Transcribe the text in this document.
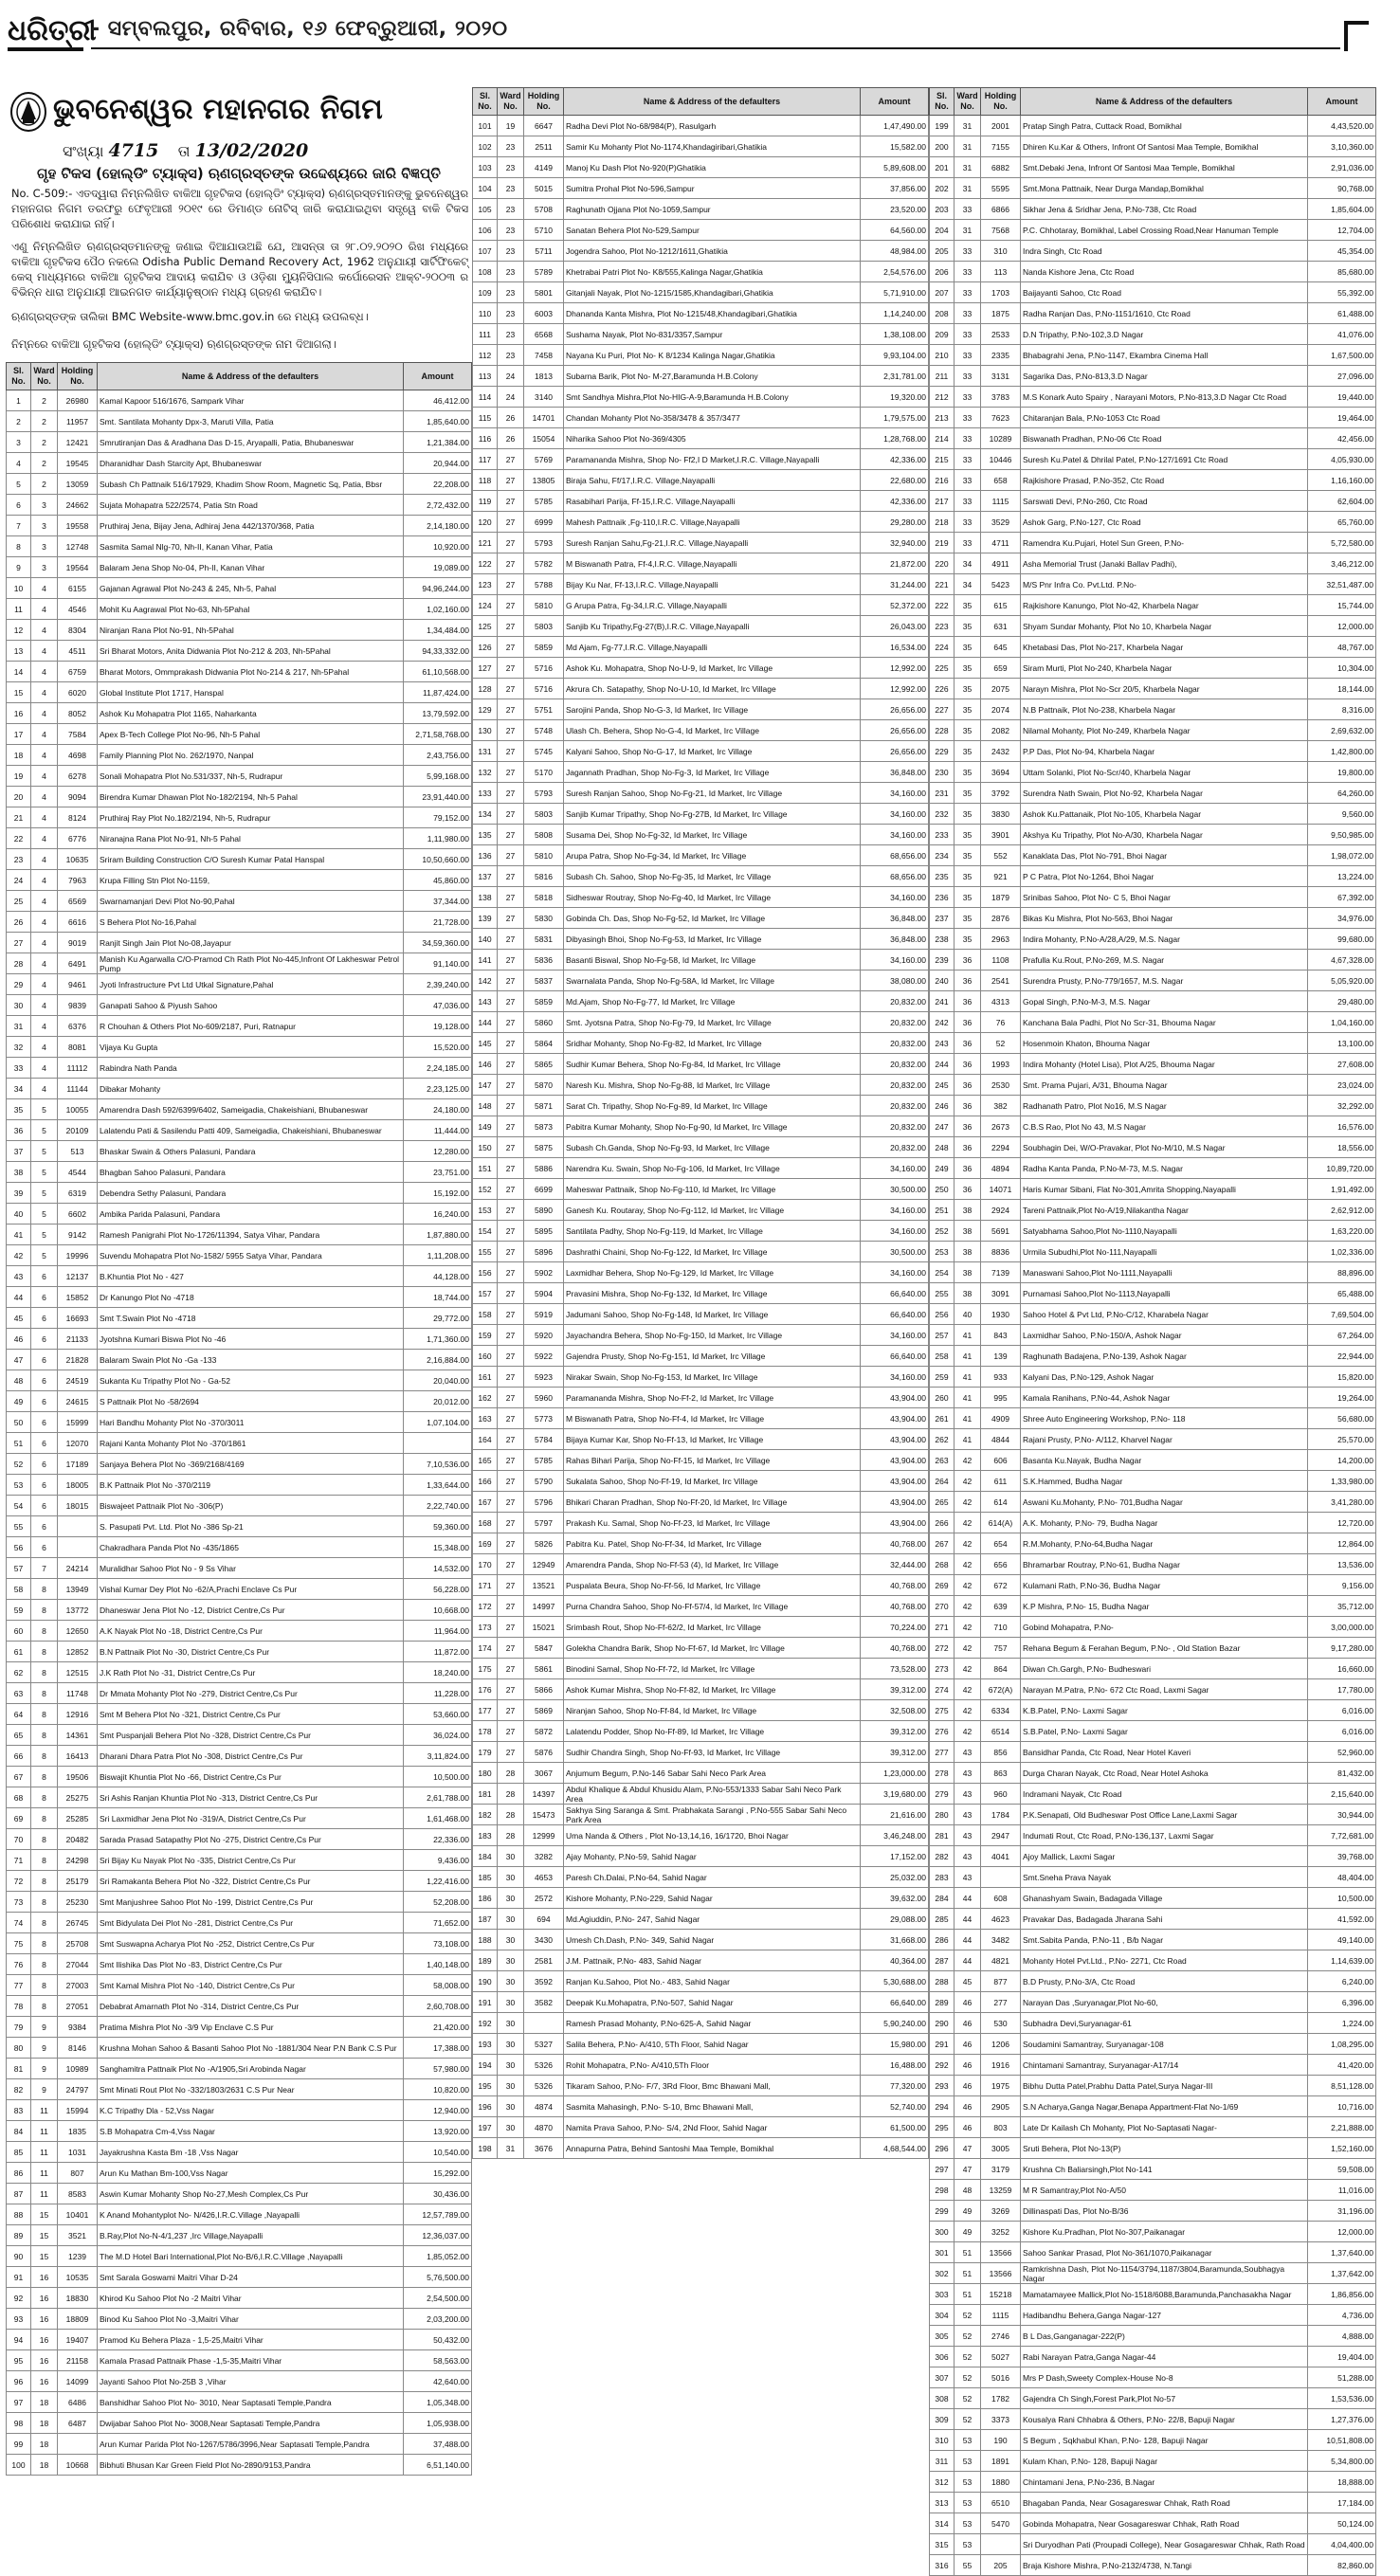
ଧରିତ୍ରୀ
- ସମ୍ବଲପୁର, ରବିବାର, ୧୬ ଫେବ୍ରୁଆରୀ, ୨୦୨୦
ଭୁବନେଶ୍ୱର ମହାନଗର ନିଗମ
ସଂଖ୍ୟା 4715 ତା 13/02/2020
ଗୃହ ଟିକସ (ହୋଲ୍ଡିଂ ଟ୍ୟାକ୍ସ) ଋଣଗ୍ରସ୍ତଙ୍କ ଉଦ୍ଦେଶ୍ୟରେ ଜାରି ବିଜ୍ଞପ୍ତି
No. C-509:- ଏତଦ୍ୱାରା ନିମ୍ନଲିଖିତ ବାକିଆ ଗୃହଟିକସ (ହୋଲ୍ଡିଂ ଟ୍ୟାକ୍ସ) ଋଣଗ୍ରସ୍ତମାନଙ୍କୁ ଭୁବନେଶ୍ୱର ମହାନଗର ନିଗମ ତରଫରୁ ଫେବୃଆରୀ ୨୦୧୯ ରେ ଡିମାଣ୍ଡ ନୋଟିସ୍ ଜାରି କରାଯାଇଥିବା ସତ୍ତ୍ୱେ ବାକି ଟିକସ ପରିଶୋଧ କରାଯାଇ ନାହିଁ।
ଏଣୁ ନିମ୍ନଲିଖିତ ଋଣଗ୍ରସ୍ତମାନଙ୍କୁ ଜଣାଇ ଦିଆଯାଉଅଛି ଯେ, ଆସନ୍ତା ତା ୨୮.୦୨.୨୦୨୦ ରିଖ ମଧ୍ୟରେ ବାକିଆ ଗୃହଟିକସ ପୈଠ ନକଲେ Odisha Public Demand Recovery Act, 1962 ଅନୁଯାୟୀ ସାର୍ଟିଫିକେଟ୍ କେସ୍ ମାଧ୍ୟମରେ ବାକିଆ ଗୃହଟିକସ ଆଦାୟ କରାଯିବ ଓ ଓଡ଼ିଶା ମ୍ୟୁନିସିପାଲ କର୍ପୋରେସନ ଆକ୍ଟ-୨୦୦୩ ର ବିଭିନ୍ନ ଧାରା ଅନୁଯାୟୀ ଆଇନଗତ କାର୍ଯ୍ୟାନୁଷ୍ଠାନ ମଧ୍ୟ ଗ୍ରହଣ କରାଯିବ।
ଋଣଗ୍ରସ୍ତଙ୍କ ତାଲିକା BMC Website-www.bmc.gov.in ରେ ମଧ୍ୟ ଉପଲବ୍ଧ।
ନିମ୍ନରେ ବାକିଆ ଗୃହଟିକସ (ହୋଲ୍ଡିଂ ଟ୍ୟାକ୍ସ) ଋଣଗ୍ରସ୍ତଙ୍କ ନାମ ଦିଆଗଲା।
Sl. No.	Ward No.	Holding No.	Name & Address of the defaulters	Amount
1	2	26980	Kamal Kapoor 516/1676, Sampark Vihar	46,412.00
2	2	11957	Smt. Santilata Mohanty Dpx-3, Maruti Villa, Patia	1,85,640.00
3	2	12421	Smrutiranjan Das & Aradhana Das D-15, Aryapalli, Patia, Bhubaneswar	1,21,384.00
4	2	19545	Dharanidhar Dash Starcity Apt, Bhubaneswar	20,944.00
5	2	13059	Subash Ch Pattnaik 516/17929, Khadim Show Room, Magnetic Sq, Patia, Bbsr	22,208.00
6	3	24662	Sujata Mohapatra 522/2574, Patia Stn Road	2,72,432.00
7	3	19558	Pruthiraj Jena, Bijay Jena, Adhiraj Jena 442/1370/368, Patia	2,14,180.00
8	3	12748	Sasmita Samal Nlg-70, Nh-II, Kanan Vihar, Patia	10,920.00
9	3	19564	Balaram Jena Shop No-04, Ph-II, Kanan Vihar	19,089.00
10	4	6155	Gajanan Agrawal Plot No-243 & 245, Nh-5, Pahal	94,96,244.00
11	4	4546	Mohit Ku Aagrawal Plot No-63, Nh-5Pahal	1,02,160.00
12	4	8304	Niranjan Rana Plot No-91, Nh-5Pahal	1,34,484.00
13	4	4511	Sri Bharat Motors, Anita Didwania Plot No-212 & 203, Nh-5Pahal	94,33,332.00
14	4	6759	Bharat Motors, Ommprakash Didwania Plot No-214 & 217, Nh-5Pahal	61,10,568.00
15	4	6020	Global Institute Plot 1717, Hanspal	11,87,424.00
16	4	8052	Ashok Ku Mohapatra Plot 1165, Naharkanta	13,79,592.00
17	4	7584	Apex B-Tech College Plot No-96, Nh-5 Pahal	2,71,58,768.00
18	4	4698	Family Planning Plot No. 262/1970, Nanpal	2,43,756.00
19	4	6278	Sonali Mohapatra Plot No.531/337, Nh-5, Rudrapur	5,99,168.00
20	4	9094	Birendra Kumar Dhawan Plot No-182/2194, Nh-5 Pahal	23,91,440.00
21	4	8124	Pruthiraj Ray Plot No.182/2194, Nh-5, Rudrapur	79,152.00
22	4	6776	Niranajna Rana Plot No-91, Nh-5 Pahal	1,11,980.00
23	4	10635	Sriram Building Construction C/O Suresh Kumar Patal Hanspal	10,50,660.00
24	4	7963	Krupa Filling Stn Plot No-1159,	45,860.00
25	4	6569	Swarnamanjari Devi Plot No-90,Pahal	37,344.00
26	4	6616	S Behera Plot No-16,Pahal	21,728.00
27	4	9019	Ranjit Singh Jain Plot No-08,Jayapur	34,59,360.00
28	4	6491	Manish Ku Agarwalla C/O-Pramod Ch Rath Plot No-445,Infront Of Lakheswar Petrol Pump	91,140.00
29	4	9461	Jyoti Infrastructure Pvt Ltd Utkal Signature,Pahal	2,39,240.00
30	4	9839	Ganapati Sahoo & Piyush Sahoo	47,036.00
31	4	6376	R Chouhan & Others Plot No-609/2187, Puri, Ratnapur	19,128.00
32	4	8081	Vijaya Ku Gupta	15,520.00
33	4	11112	Rabindra Nath Panda	2,24,185.00
34	4	11144	Dibakar Mohanty	2,23,125.00
35	5	10055	Amarendra Dash 592/6399/6402, Sameigadia, Chakeishiani, Bhubaneswar	24,180.00
36	5	20109	Lalatendu Pati & Sasilendu Patti 409, Sameigadia, Chakeishiani, Bhubaneswar	11,444.00
37	5	513	Bhaskar Swain & Others Palasuni, Pandara	12,280.00
38	5	4544	Bhagban Sahoo Palasuni, Pandara	23,751.00
39	5	6319	Debendra Sethy Palasuni, Pandara	15,192.00
40	5	6602	Ambika Parida Palasuni, Pandara	16,240.00
41	5	9142	Ramesh Panigrahi Plot No-1726/11394, Satya Vihar, Pandara	1,87,880.00
42	5	19996	Suvendu Mohapatra Plot No-1582/ 5955 Satya Vihar, Pandara	1,11,208.00
43	6	12137	B.Khuntia Plot No - 427	44,128.00
44	6	15852	Dr Kanungo Plot No -4718	18,744.00
45	6	16693	Smt T.Swain Plot No -4718	29,772.00
46	6	21133	Jyotshna Kumari Biswa Plot No -46	1,71,360.00
47	6	21828	Balaram Swain Plot No -Ga -133	2,16,884.00
48	6	24519	Sukanta Ku Tripathy Plot No - Ga-52	20,040.00
49	6	24615	S Pattnaik Plot No -58/2694	20,012.00
50	6	15999	Hari Bandhu Mohanty Plot No -370/3011	1,07,104.00
51	6	12070	Rajani Kanta Mohanty Plot No -370/1861	
52	6	17189	Sanjaya Behera Plot No -369/2168/4169	7,10,536.00
53	6	18005	B.K Pattnaik Plot No -370/2119	1,33,644.00
54	6	18015	Biswajeet Pattnaik Plot No -306(P)	2,22,740.00
55	6		S. Pasupati Pvt. Ltd. Plot No -386 Sp-21	59,360.00
56	6		Chakradhara Panda Plot No -435/1865	15,348.00
57	7	24214	Muralidhar Sahoo Plot No - 9 Ss Vihar	14,532.00
58	8	13949	Vishal Kumar Dey Plot No -62/A,Prachi Enclave Cs Pur	56,228.00
59	8	13772	Dhaneswar Jena Plot No -12, District Centre,Cs Pur	10,668.00
60	8	12650	A.K Nayak Plot No -18, District Centre,Cs Pur	11,964.00
61	8	12852	B.N Pattnaik Plot No -30, District Centre,Cs Pur	11,872.00
62	8	12515	J.K Rath Plot No -31, District Centre,Cs Pur	18,240.00
63	8	11748	Dr Mmata Mohanty Plot No -279, District Centre,Cs Pur	11,228.00
64	8	12916	Smt M Behera Plot No -321, District Centre,Cs Pur	53,660.00
65	8	14361	Smt Puspanjali Behera Plot No -328, District Centre,Cs Pur	36,024.00
66	8	16413	Dharani Dhara Patra Plot No -308, District Centre,Cs Pur	3,11,824.00
67	8	19506	Biswajit Khuntia Plot No -66, District Centre,Cs Pur	10,500.00
68	8	25275	Sri Ashis Ranjan Khuntia Plot No -313, District Centre,Cs Pur	2,61,788.00
69	8	25285	Sri Laxmidhar Jena Plot No -319/A, District Centre,Cs Pur	1,61,468.00
70	8	20482	Sarada Prasad Satapathy Plot No -275, District Centre,Cs Pur	22,336.00
71	8	24298	Sri Bijay Ku Nayak Plot No -335, District Centre,Cs Pur	9,436.00
72	8	25179	Sri Ramakanta Behera Plot No -322, District Centre,Cs Pur	1,22,416.00
73	8	25230	Smt Manjushree Sahoo Plot No -199, District Centre,Cs Pur	52,208.00
74	8	26745	Smt Bidyulata Dei Plot No -281, District Centre,Cs Pur	71,652.00
75	8	25708	Smt Suswapna Acharya Plot No -252, District Centre,Cs Pur	73,108.00
76	8	27044	Smt Ilishika Das Plot No -83, District Centre,Cs Pur	1,40,148.00
77	8	27003	Smt Kamal Mishra Plot No -140, District Centre,Cs Pur	58,008.00
78	8	27051	Debabrat Amarnath Plot No -314, District Centre,Cs Pur	2,60,708.00
79	9	9384	Pratima Mishra Plot No -3/9 Vip Enclave C.S Pur	21,420.00
80	9	8146	Krushna Mohan Sahoo & Basanti Sahoo Plot No -1881/304 Near P.N Bank C.S Pur	17,388.00
81	9	10989	Sanghamitra Pattnaik Plot No -A/1905,Sri Arobinda Nagar	57,980.00
82	9	24797	Smt Minati Rout Plot No -332/1803/2631 C.S Pur Near	10,820.00
83	11	15994	K.C Tripathy Dla - 52,Vss Nagar	12,940.00
84	11	1835	S.B Mohapatra Cm-4,Vss Nagar	13,920.00
85	11	1031	Jayakrushna Kasta Bm -18 ,Vss Nagar	10,540.00
86	11	807	Arun Ku Mathan Bm-100,Vss Nagar	15,292.00
87	11	8583	Aswin Kumar Mohanty Shop No-27,Mesh Complex,Cs Pur	30,436.00
88	15	10401	K Anand Mohantyplot No- N/426,I.R.C.Village ,Nayapalli	12,57,789.00
89	15	3521	B.Ray,Plot No-N-4/1,237 ,Irc Village,Nayapalli	12,36,037.00
90	15	1239	The M.D Hotel Bari International,Plot No-B/6,I.R.C.Village ,Nayapalli	1,85,052.00
91	16	10535	Smt Sarala Goswami Maitri Vihar D-24	5,76,500.00
92	16	18830	Khirod Ku Sahoo Plot No -2 Maitri Vihar	2,54,500.00
93	16	18809	Binod Ku Sahoo Plot No -3,Maitri Vihar	2,03,200.00
94	16	19407	Pramod Ku Behera Plaza - 1,5-25,Maitri Vihar	50,432.00
95	16	21158	Kamala Prasad Pattnaik Phase -1,5-35,Maitri Vihar	58,563.00
96	16	14099	Jayanti Sahoo Plot No-25B 3 ,Vihar	42,640.00
97	18	6486	Banshidhar Sahoo Plot No- 3010, Near Saptasati Temple,Pandra	1,05,348.00
98	18	6487	Dwijabar Sahoo Plot No- 3008,Near Saptasati Temple,Pandra	1,05,938.00
99	18		Arun Kumar Parida Plot No-1267/5786/3996,Near Saptasati Temple,Pandra	37,488.00
100	18	10668	Bibhuti Bhusan Kar Green Field Plot No-2890/9153,Pandra	6,51,140.00
Sl. No.	Ward No.	Holding No.	Name & Address of the defaulters	Amount
101	19	6647	Radha Devi Plot No-68/984(P), Rasulgarh	1,47,490.00
102	23	2511	Samir Ku Mohanty Plot No-1174,Khandagiribari,Ghatikia	15,582.00
103	23	4149	Manoj Ku Dash Plot No-920(P)Ghatikia	5,89,608.00
104	23	5015	Sumitra Prohal Plot No-596,Sampur	37,856.00
105	23	5708	Raghunath Ojjana Plot No-1059,Sampur	23,520.00
106	23	5710	Sanatan Behera Plot No-529,Sampur	64,560.00
107	23	5711	Jogendra Sahoo, Plot No-1212/1611,Ghatikia	48,984.00
108	23	5789	Khetrabai Patri Plot No- K8/555,Kalinga Nagar,Ghatikia	2,54,576.00
109	23	5801	Gitanjali Nayak, Plot No-1215/1585,Khandagibari,Ghatikia	5,71,910.00
110	23	6003	Dhananda Kanta Mishra, Plot No-1215/48,Khandagibari,Ghatikia	1,14,240.00
111	23	6568	Sushama Nayak, Plot No-831/3357,Sampur	1,38,108.00
112	23	7458	Nayana Ku Puri, Plot No- K 8/1234 Kalinga Nagar,Ghatikia	9,93,104.00
113	24	1813	Subarna Barik, Plot No- M-27,Baramunda H.B.Colony	2,31,781.00
114	24	3140	Smt Sandhya Mishra,Plot No-HIG-A-9,Baramunda H.B.Colony	19,320.00
115	26	14701	Chandan Mohanty Plot No-358/3478 & 357/3477	1,79,575.00
116	26	15054	Niharika Sahoo Plot No-369/4305	1,28,768.00
117	27	5769	Paramananda Mishra, Shop No- Ff2,I D Market,I.R.C. Village,Nayapalli	42,336.00
118	27	13805	Biraja Sahu, Ff/17,I.R.C. Village,Nayapalli	22,680.00
119	27	5785	Rasabihari Parija, Ff-15,I.R.C. Village,Nayapalli	42,336.00
120	27	6999	Mahesh Pattnaik ,Fg-110,I.R.C. Village,Nayapalli	29,280.00
121	27	5793	Suresh Ranjan Sahu,Fg-21,I.R.C. Village,Nayapalli	32,940.00
122	27	5782	M Biswanath Patra, Ff-4,I.R.C. Village,Nayapalli	21,872.00
123	27	5788	Bijay Ku Nar, Ff-13,I.R.C. Village,Nayapalli	31,244.00
124	27	5810	G Arupa Patra, Fg-34,I.R.C. Village,Nayapalli	52,372.00
125	27	5803	Sanjib Ku Tripathy,Fg-27(B),I.R.C. Village,Nayapalli	26,043.00
126	27	5859	Md Ajam, Fg-77,I.R.C. Village,Nayapalli	16,534.00
127	27	5716	Ashok Ku. Mohapatra, Shop No-U-9, Id Market, Irc Village	12,992.00
128	27	5716	Akrura Ch. Satapathy, Shop No-U-10, Id Market, Irc Village	12,992.00
129	27	5751	Sarojini Panda, Shop No-G-3, Id Market, Irc Village	26,656.00
130	27	5748	Ulash Ch. Behera, Shop No-G-4, Id Market, Irc Village	26,656.00
131	27	5745	Kalyani Sahoo, Shop No-G-17, Id Market, Irc Village	26,656.00
132	27	5170	Jagannath Pradhan, Shop No-Fg-3, Id Market, Irc Village	36,848.00
133	27	5793	Suresh Ranjan Sahoo, Shop No-Fg-21, Id Market, Irc Village	34,160.00
134	27	5803	Sanjib Kumar Tripathy, Shop No-Fg-27B, Id Market, Irc Village	34,160.00
135	27	5808	Susama Dei, Shop No-Fg-32, Id Market, Irc Village	34,160.00
136	27	5810	Arupa Patra, Shop No-Fg-34, Id Market, Irc Village	68,656.00
137	27	5816	Subash Ch. Sahoo, Shop No-Fg-35, Id Market, Irc Village	68,656.00
138	27	5818	Sidheswar Routray, Shop No-Fg-40, Id Market, Irc Village	34,160.00
139	27	5830	Gobinda Ch. Das, Shop No-Fg-52, Id Market, Irc Village	36,848.00
140	27	5831	Dibyasingh Bhoi, Shop No-Fg-53, Id Market, Irc Village	36,848.00
141	27	5836	Basanti Biswal, Shop No-Fg-58, Id Market, Irc Village	34,160.00
142	27	5837	Swarnalata Panda, Shop No-Fg-58A, Id Market, Irc Village	38,080.00
143	27	5859	Md.Ajam, Shop No-Fg-77, Id Market, Irc Village	20,832.00
144	27	5860	Smt. Jyotsna Patra, Shop No-Fg-79, Id Market, Irc Village	20,832.00
145	27	5864	Sridhar Mohanty, Shop No-Fg-82, Id Market, Irc Village	20,832.00
146	27	5865	Sudhir Kumar Behera, Shop No-Fg-84, Id Market, Irc Village	20,832.00
147	27	5870	Naresh Ku. Mishra, Shop No-Fg-88, Id Market, Irc Village	20,832.00
148	27	5871	Sarat Ch. Tripathy, Shop No-Fg-89, Id Market, Irc Village	20,832.00
149	27	5873	Pabitra Kumar Mohanty, Shop No-Fg-90, Id Market, Irc Village	20,832.00
150	27	5875	Subash Ch.Ganda, Shop No-Fg-93, Id Market, Irc Village	20,832.00
151	27	5886	Narendra Ku. Swain, Shop No-Fg-106, Id Market, Irc Village	34,160.00
152	27	6699	Maheswar Pattnaik, Shop No-Fg-110, Id Market, Irc Village	30,500.00
153	27	5890	Ganesh Ku. Routaray, Shop No-Fg-112, Id Market, Irc Village	34,160.00
154	27	5895	Santilata Padhy, Shop No-Fg-119, Id Market, Irc Village	34,160.00
155	27	5896	Dashrathi Chaini, Shop No-Fg-122, Id Market, Irc Village	30,500.00
156	27	5902	Laxmidhar Behera, Shop No-Fg-129, Id Market, Irc Village	34,160.00
157	27	5904	Pravasini Mishra, Shop No-Fg-132, Id Market, Irc Village	66,640.00
158	27	5919	Jadumani Sahoo, Shop No-Fg-148, Id Market, Irc Village	66,640.00
159	27	5920	Jayachandra Behera, Shop No-Fg-150, Id Market, Irc Village	34,160.00
160	27	5922	Gajendra Prusty, Shop No-Fg-151, Id Market, Irc Village	66,640.00
161	27	5923	Nirakar Swain, Shop No-Fg-153, Id Market, Irc Village	34,160.00
162	27	5960	Paramananda Mishra, Shop No-Ff-2, Id Market, Irc Village	43,904.00
163	27	5773	M Biswanath Patra, Shop No-Ff-4, Id Market, Irc Village	43,904.00
164	27	5784	Bijaya Kumar Kar, Shop No-Ff-13, Id Market, Irc Village	43,904.00
165	27	5785	Rahas Bihari Parija, Shop No-Ff-15, Id Market, Irc Village	43,904.00
166	27	5790	Sukalata Sahoo, Shop No-Ff-19, Id Market, Irc Village	43,904.00
167	27	5796	Bhikari Charan Pradhan, Shop No-Ff-20, Id Market, Irc Village	43,904.00
168	27	5797	Prakash Ku. Samal, Shop No-Ff-23, Id Market, Irc Village	43,904.00
169	27	5826	Pabitra Ku. Patel, Shop No-Ff-34, Id Market, Irc Village	40,768.00
170	27	12949	Amarendra Panda, Shop No-Ff-53 (4), Id Market, Irc Village	32,444.00
171	27	13521	Puspalata Beura, Shop No-Ff-56, Id Market, Irc Village	40,768.00
172	27	14997	Purna Chandra Sahoo, Shop No-Ff-57/4, Id Market, Irc Village	40,768.00
173	27	15021	Srimbash Rout, Shop No-Ff-62/2, Id Market, Irc Village	70,224.00
174	27	5847	Golekha Chandra Barik, Shop No-Ff-67, Id Market, Irc Village	40,768.00
175	27	5861	Binodini Samal, Shop No-Ff-72, Id Market, Irc Village	73,528.00
176	27	5866	Ashok Kumar Mishra, Shop No-Ff-82, Id Market, Irc Village	39,312.00
177	27	5869	Niranjan Sahoo, Shop No-Ff-84, Id Market, Irc Village	32,508.00
178	27	5872	Lalatendu Podder, Shop No-Ff-89, Id Market, Irc Village	39,312.00
179	27	5876	Sudhir Chandra Singh, Shop No-Ff-93, Id Market, Irc Village	39,312.00
180	28	3067	Anjumum Begum, P.No-146 Sabar Sahi Neco Park Area	1,23,000.00
181	28	14397	Abdul Khalique & Abdul Khusidu Alam, P.No-553/1333 Sabar Sahi Neco Park Area	3,19,680.00
182	28	15473	Sakhya Sing Saranga & Smt. Prabhakata Sarangi , P.No-555 Sabar Sahi Neco Park Area	21,616.00
183	28	12999	Uma Nanda & Others , Plot No-13,14,16, 16/1720, Bhoi Nagar	3,46,248.00
184	30	3282	Ajay Mohanty, P.No-59, Sahid Nagar	17,152.00
185	30	4653	Paresh Ch.Dalai, P.No-64, Sahid Nagar	25,032.00
186	30	2572	Kishore Mohanty, P.No-229, Sahid Nagar	39,632.00
187	30	694	Md.Agiuddin, P.No- 247, Sahid Nagar	29,088.00
188	30	3430	Umesh Ch.Dash, P.No- 349, Sahid Nagar	31,668.00
189	30	2581	J.M. Pattnaik, P.No- 483, Sahid Nagar	40,364.00
190	30	3592	Ranjan Ku.Sahoo, Plot No.- 483, Sahid Nagar	5,30,688.00
191	30	3582	Deepak Ku.Mohapatra, P.No-507, Sahid Nagar	66,640.00
192	30		Ramesh Prasad Mohanty, P.No-625-A, Sahid Nagar	5,90,240.00
193	30	5327	Salila Behera, P.No- A/410, 5Th Floor, Sahid Nagar	15,980.00
194	30	5326	Rohit Mohapatra, P.No- A/410,5Th Floor	16,488.00
195	30	5326	Tikaram Sahoo, P.No- F/7, 3Rd Floor, Bmc Bhawani Mall,	77,320.00
196	30	4874	Sasmita Mahasingh, P.No- S-10, Bmc Bhawani Mall,	52,740.00
197	30	4870	Namita Prava Sahoo, P.No- S/4, 2Nd Floor, Sahid Nagar	61,500.00
198	31	3676	Annapurna Patra, Behind Santoshi Maa Temple, Bomikhal	4,68,544.00
Sl. No.	Ward No.	Holding No.	Name & Address of the defaulters	Amount
199	31	2001	Pratap Singh Patra, Cuttack Road, Bomikhal	4,43,520.00
200	31	7155	Dhiren Ku.Kar & Others, Infront Of Santosi Maa Temple, Bomikhal	3,10,360.00
201	31	6882	Smt.Debaki Jena, Infront Of Santosi Maa Temple, Bomikhal	2,91,036.00
202	31	5595	Smt.Mona Pattnaik, Near Durga Mandap,Bomikhal	90,768.00
203	33	6866	Sikhar Jena & Sridhar Jena, P.No-738, Ctc Road	1,85,604.00
204	31	7568	P.C. Chhotaray, Bomikhal, Label Crossing Road,Near Hanuman Temple	12,704.00
205	33	310	Indra Singh, Ctc Road	45,354.00
206	33	113	Nanda Kishore Jena, Ctc Road	85,680.00
207	33	1703	Baijayanti Sahoo, Ctc Road	55,392.00
208	33	1875	Radha Ranjan Das, P.No-1151/1610, Ctc Road	61,488.00
209	33	2533	D.N Tripathy, P.No-102,3.D Nagar	41,076.00
210	33	2335	Bhabagrahi Jena, P.No-1147, Ekambra Cinema Hall	1,67,500.00
211	33	3131	Sagarika Das, P.No-813,3.D Nagar	27,096.00
212	33	3783	M.S Konark Auto Spairy , Narayani Motors, P.No-813,3.D Nagar Ctc Road	19,440.00
213	33	7623	Chitaranjan Bala, P.No-1053 Ctc Road	19,464.00
214	33	10289	Biswanath Pradhan, P.No-06 Ctc Road	42,456.00
215	33	10446	Suresh Ku.Patel & Dhrilal Patel, P.No-127/1691 Ctc Road	4,05,930.00
216	33	658	Rajkishore Prasad, P.No-352, Ctc Road	1,16,160.00
217	33	1115	Sarswati Devi, P.No-260, Ctc Road	62,604.00
218	33	3529	Ashok Garg, P.No-127, Ctc Road	65,760.00
219	33	4711	Ramendra Ku.Pujari, Hotel Sun Green, P.No-	5,72,580.00
220	34	4911	Asha Memorial Trust (Janaki Ballav Padhi),	3,46,212.00
221	34	5423	M/S Pnr Infra Co. Pvt.Ltd. P.No-	32,51,487.00
222	35	615	Rajkishore Kanungo, Plot No-42, Kharbela Nagar	15,744.00
223	35	631	Shyam Sundar Mohanty, Plot No 10, Kharbela Nagar	12,000.00
224	35	645	Khetabasi Das, Plot No-217, Kharbela Nagar	48,767.00
225	35	659	Siram Murti, Plot No-240, Kharbela Nagar	10,304.00
226	35	2075	Narayn Mishra, Plot No-Scr 20/5, Kharbela Nagar	18,144.00
227	35	2074	N.B Pattnaik, Plot No-238, Kharbela Nagar	8,316.00
228	35	2082	Nilamal Mohanty, Plot No-249, Kharbela Nagar	2,69,632.00
229	35	2432	P.P Das, Plot No-94, Kharbela Nagar	1,42,800.00
230	35	3694	Uttam Solanki, Plot No-Scr/40, Kharbela Nagar	19,800.00
231	35	3792	Surendra Nath Swain, Plot No-92, Kharbela Nagar	64,260.00
232	35	3830	Ashok Ku.Pattanaik, Plot No-105, Kharbela Nagar	9,560.00
233	35	3901	Akshya Ku Tripathy, Plot No-A/30, Kharbela Nagar	9,50,985.00
234	35	552	Kanaklata Das, Plot No-791, Bhoi Nagar	1,98,072.00
235	35	921	P C Patra, Plot No-1264, Bhoi Nagar	13,224.00
236	35	1879	Srinibas Sahoo, Plot No- C 5, Bhoi Nagar	67,392.00
237	35	2876	Bikas Ku Mishra, Plot No-563, Bhoi Nagar	34,976.00
238	35	2963	Indira Mohanty, P.No-A/28,A/29, M.S. Nagar	99,680.00
239	36	1108	Prafulla Ku.Rout, P.No-269, M.S. Nagar	4,67,328.00
240	36	2541	Surendra Prusty, P.No-779/1657, M.S. Nagar	5,05,920.00
241	36	4313	Gopal Singh, P.No-M-3, M.S. Nagar	29,480.00
242	36	76	Kanchana Bala Padhi, Plot No Scr-31, Bhouma Nagar	1,04,160.00
243	36	52	Hosenmoin Khaton, Bhouma Nagar	13,100.00
244	36	1993	Indira Mohanty (Hotel Lisa), Plot A/25, Bhouma Nagar	27,608.00
245	36	2530	Smt. Prama Pujari, A/31, Bhouma Nagar	23,024.00
246	36	382	Radhanath Patro, Plot No16, M.S Nagar	32,292.00
247	36	2673	C.B.S Rao, Plot No 43, M.S Nagar	16,576.00
248	36	2294	Soubhagin Dei, W/O-Pravakar, Plot No-M/10, M.S Nagar	18,556.00
249	36	4894	Radha Kanta Panda, P.No-M-73, M.S. Nagar	10,89,720.00
250	36	14071	Haris Kumar Sibani, Flat No-301,Amrita Shopping,Nayapalli	1,91,492.00
251	38	2924	Tareni Pattnaik,Plot No-A/19,Nilakantha Nagar	2,62,912.00
252	38	5691	Satyabhama Sahoo,Plot No-1110,Nayapalli	1,63,220.00
253	38	8836	Urmila Subudhi,Plot No-111,Nayapalli	1,02,336.00
254	38	7139	Manaswani Sahoo,Plot No-1111,Nayapalli	88,896.00
255	38	3091	Purnamasi Sahoo,Plot No-1113,Nayapalli	65,488.00
256	40	1930	Sahoo Hotel & Pvt Ltd, P.No-C/12, Kharabela Nagar	7,69,504.00
257	41	843	Laxmidhar Sahoo, P.No-150/A, Ashok Nagar	67,264.00
258	41	139	Raghunath Badajena, P.No-139, Ashok Nagar	22,944.00
259	41	933	Kalyani Das, P.No-129, Ashok Nagar	15,820.00
260	41	995	Kamala Ranihans, P.No-44, Ashok Nagar	19,264.00
261	41	4909	Shree Auto Engineering Workshop, P.No- 118	56,680.00
262	41	4844	Rajani Prusty, P.No- A/112, Kharvel Nagar	25,570.00
263	42	606	Basanta Ku.Nayak, Budha Nagar	14,200.00
264	42	611	S.K.Hammed, Budha Nagar	1,33,980.00
265	42	614	Aswani Ku.Mohanty, P.No- 701,Budha Nagar	3,41,280.00
266	42	614(A)	A.K. Mohanty, P.No- 79, Budha Nagar	12,720.00
267	42	654	R.M.Mohanty, P.No-64,Budha Nagar	12,864.00
268	42	656	Bhramarbar Routray, P.No-61, Budha Nagar	13,536.00
269	42	672	Kulamani Rath, P.No-36, Budha Nagar	9,156.00
270	42	639	K.P Mishra, P.No- 15, Budha Nagar	35,712.00
271	42	710	Gobind Mohapatra, P.No-	3,00,000.00
272	42	757	Rehana Begum & Ferahan Begum, P.No- , Old Station Bazar	9,17,280.00
273	42	864	Diwan Ch.Gargh, P.No- Budheswari	16,660.00
274	42	672(A)	Narayan M.Patra, P.No- 672 Ctc Road, Laxmi Sagar	17,780.00
275	42	6334	K.B.Patel, P.No- Laxmi Sagar	6,016.00
276	42	6514	S.B.Patel, P.No- Laxmi Sagar	6,016.00
277	43	856	Bansidhar Panda, Ctc Road, Near Hotel Kaveri	52,960.00
278	43	863	Durga Charan Nayak, Ctc Road, Near Hotel Ashoka	81,432.00
279	43	960	Indramani Nayak, Ctc Road	2,15,640.00
280	43	1784	P.K.Senapati, Old Budheswar Post Office Lane,Laxmi Sagar	30,944.00
281	43	2947	Indumati Rout, Ctc Road, P.No-136,137, Laxmi Sagar	7,72,681.00
282	43	4041	Ajoy Mallick, Laxmi Sagar	39,768.00
283	43		Smt.Sneha Prava Nayak	48,404.00
284	44	608	Ghanashyam Swain, Badagada Village	10,500.00
285	44	4623	Pravakar Das, Badagada Jharana Sahi	41,592.00
286	44	3482	Smt.Sabita Panda, P.No-11 , B/b Nagar	49,140.00
287	44	4821	Mohanty Hotel Pvt.Ltd., P.No- 2271, Ctc Road	1,14,639.00
288	45	877	B.D Prusty, P.No-3/A, Ctc Road	6,240.00
289	46	277	Narayan Das ,Suryanagar,Plot No-60,	6,396.00
290	46	530	Subhadra Devi,Suryanagar-61	1,224.00
291	46	1206	Soudamini Samantray, Suryanagar-108	1,08,295.00
292	46	1916	Chintamani Samantray, Suryanagar-A17/14	41,420.00
293	46	1975	Bibhu Dutta Patel,Prabhu Datta Patel,Surya Nagar-III	8,51,128.00
294	46	2905	S.N Acharya,Ganga Nagar,Benapa Appartment-Flat No-1/69	10,716.00
295	46	803	Late Dr Kailash Ch Mohanty, Plot No-Saptasati Nagar-	2,21,888.00
296	47	3005	Sruti Behera, Plot No-13(P)	1,52,160.00
297	47	3179	Krushna Ch Baliarsingh,Plot No-141	59,508.00
298	48	13259	M R Samantray,Plot No-A/50	11,016.00
299	49	3269	Dillinaspati Das, Plot No-B/36	31,196.00
300	49	3252	Kishore Ku.Pradhan, Plot No-307,Paikanagar	12,000.00
301	51	13566	Sahoo Sankar Prasad, Plot No-361/1070,Paikanagar	1,37,640.00
302	51	13566	Ramkrishna Dash, Plot No-1154/3794,1187/3804,Baramunda,Soubhagya Nagar	1,37,642.00
303	51	15218	Mamatamayee Mallick,Plot No-1518/6088,Baramunda,Panchasakha Nagar	1,86,856.00
304	52	1115	Hadibandhu Behera,Ganga Nagar-127	4,736.00
305	52	2746	B L Das,Ganganagar-222(P)	4,888.00
306	52	5027	Rabi Narayan Patra,Ganga Nagar-44	19,404.00
307	52	5016	Mrs P Dash,Sweety Complex-House No-8	51,288.00
308	52	1782	Gajendra Ch Singh,Forest Park,Plot No-57	1,53,536.00
309	52	3373	Kousalya Rani Chhabra & Others, P.No- 22/8, Bapuji Nagar	1,27,376.00
310	53	190	S Begum , Sqkhabul Khan, P.No- 128, Bapuji Nagar	10,51,808.00
311	53	1891	Kulam Khan, P.No- 128, Bapuji Nagar	5,34,800.00
312	53	1880	Chintamani Jena, P.No-236, B.Nagar	18,888.00
313	53	6510	Bhagaban Panda, Near Gosagareswar Chhak, Rath Road	17,184.00
314	53	5470	Gobinda Mohapatra, Near Gosagareswar Chhak, Rath Road	50,124.00
315	53		Sri Duryodhan Pati (Proupadi College), Near Gosagareswar Chhak, Rath Road	4,04,400.00
316	55	205	Braja Kishore Mishra, P.No-2132/4738, N.Tangi	82,860.00
